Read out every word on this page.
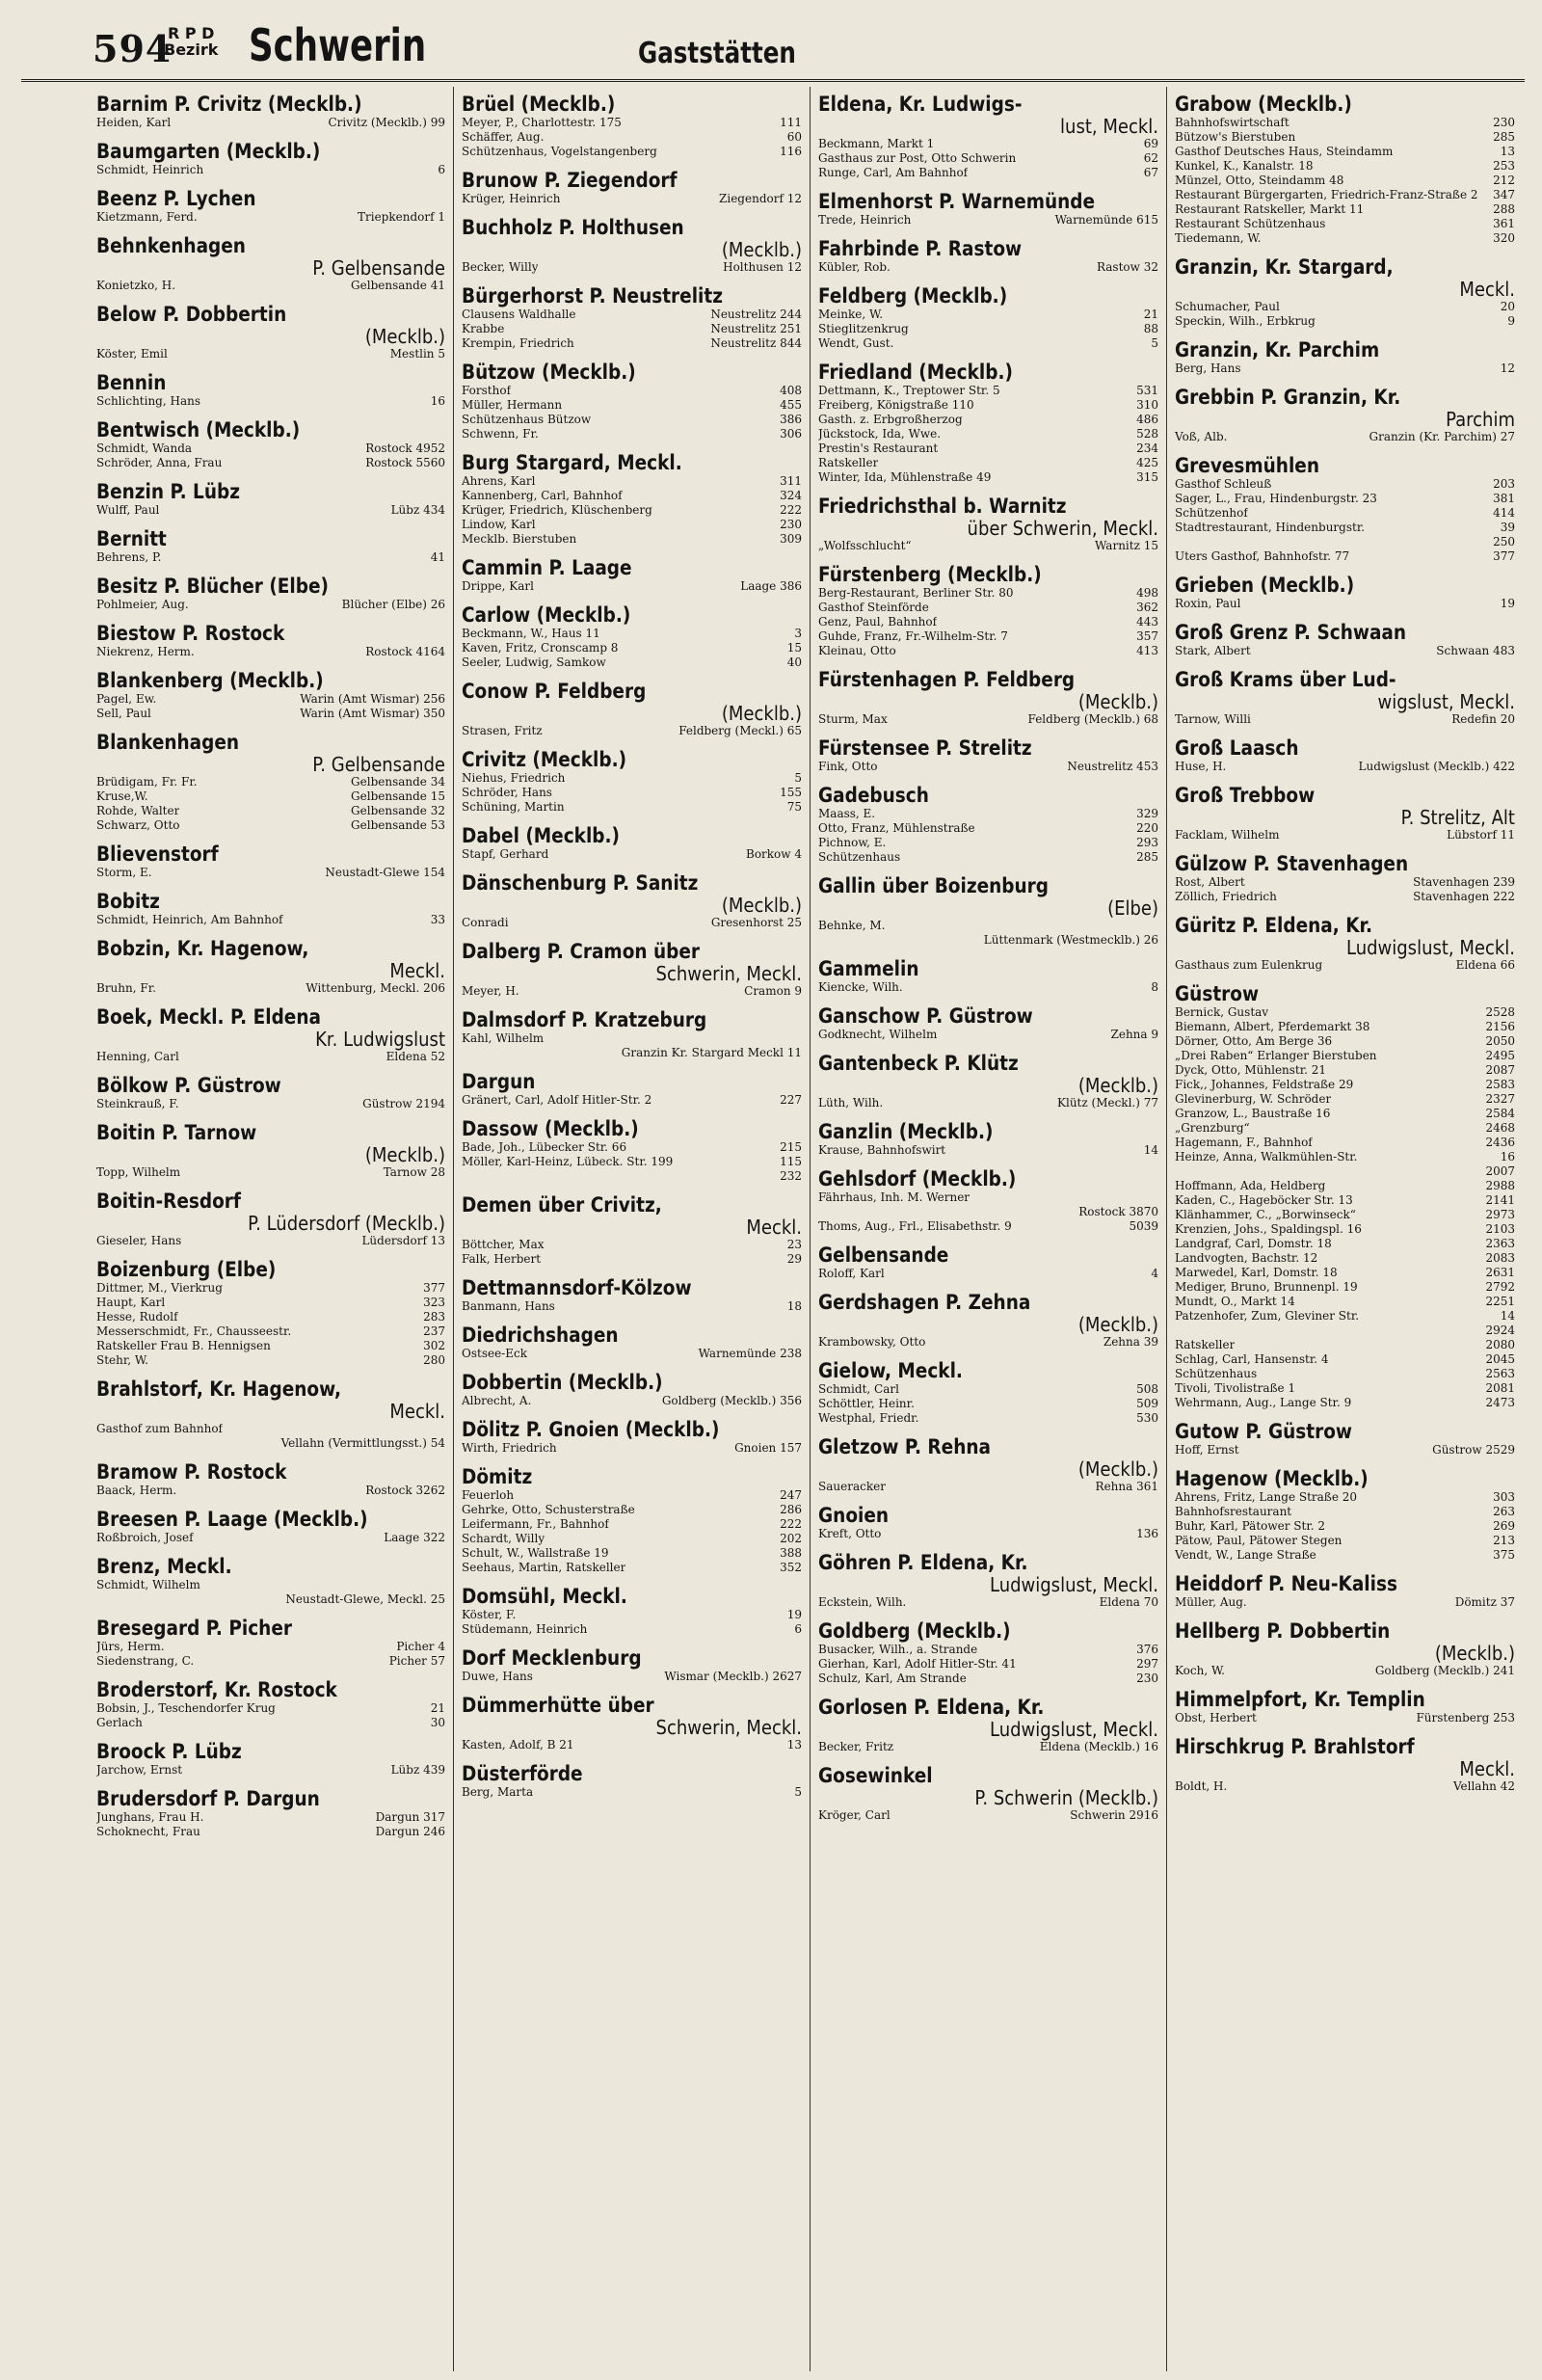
594
R P D
Bezirk Schwerin	Gaststätten
Barnim P. Crivitz (Mecklb.)
Heiden, Karl	Crivitz (Mecklb.) 99
Baumgarten (Mecklb.)
Schmidt, Heinrich	6
Beenz P. Lychen
Kietzmann, Ferd.	Triepkendorf 1
Behnkenhagen
P. Gelbensande
Konietzko, H.	Gelbensande 41
Below P. Dobbertin
(Mecklb.)
Köster, Emil	Mestlin 5
Bennin
Schlichting, Hans	16
Bentwisch (Mecklb.)
Schmidt, Wanda	Rostock 4952
Schröder, Anna, Frau	Rostock 5560
Benzin P. Lübz
Wulff, Paul	Lübz 434
Bernitt
Behrens, P.	41
Besitz P. Blücher (Elbe)
Pohlmeier, Aug.	Blücher (Elbe) 26
Biestow P. Rostock
Niekrenz, Herm.	Rostock 4164
Blankenberg (Mecklb.)
Pagel, Ew.	Warin (Amt Wismar) 256
Sell, Paul	Warin (Amt Wismar) 350
Blankenhagen
P. Gelbensande
Brüdigam, Fr. Fr.	Gelbensande 34
Kruse,W.	Gelbensande 15
Rohde, Walter	Gelbensande 32
Schwarz, Otto	Gelbensande 53
Blievenstorf
Storm, E.	Neustadt-Glewe 154
Bobitz
Schmidt, Heinrich, Am Bahnhof	33
Bobzin, Kr. Hagenow,
Meckl.
Bruhn, Fr.	Wittenburg, Meckl. 206
Boek, Meckl. P. Eldena
Kr. Ludwigslust
Henning, Carl	Eldena 52
Bölkow P. Güstrow
Steinkrauß, F.	Güstrow 2194
Boitin P. Tarnow
(Mecklb.)
Topp, Wilhelm	Tarnow 28
Boitin-Resdorf
P. Lüdersdorf (Mecklb.)
Gieseler, Hans	Lüdersdorf 13
Boizenburg (Elbe)
Dittmer, M., Vierkrug	377
Haupt, Karl	323
Hesse, Rudolf	283
Messerschmidt, Fr., Chausseestr.	237
Ratskeller Frau B. Hennigsen	302
Stehr, W.	280
Brahlstorf, Kr. Hagenow,
Meckl.
Gasthof zum Bahnhof
Vellahn (Vermittlungsst.) 54
Bramow P. Rostock
Baack, Herm.	Rostock 3262
Breesen P. Laage (Mecklb.)
Roßbroich, Josef	Laage 322
Brenz, Meckl.
Schmidt, Wilhelm
Neustadt-Glewe, Meckl. 25
Bresegard P. Picher
Jürs, Herm.	Picher 4
Siedenstrang, C.	Picher 57
Broderstorf, Kr. Rostock
Bobsin, J., Teschendorfer Krug	21
Gerlach	30
Broock P. Lübz
Jarchow, Ernst	Lübz 439
Brudersdorf P. Dargun
Junghans, Frau H.	Dargun 317
Schoknecht, Frau	Dargun 246
Brüel (Mecklb.)
Meyer, P., Charlottestr. 175	111
Schäffer, Aug.	60
Schützenhaus, Vogelstangenberg	116
Brunow P. Ziegendorf
Krüger, Heinrich	Ziegendorf 12
Buchholz P. Holthusen
(Mecklb.)
Becker, Willy	Holthusen 12
Bürgerhorst P. Neustrelitz
Clausens Waldhalle	Neustrelitz 244
Krabbe	Neustrelitz 251
Krempin, Friedrich	Neustrelitz 844
Bützow (Mecklb.)
Forsthof	408
Müller, Hermann	455
Schützenhaus Bützow	386
Schwenn, Fr.	306
Burg Stargard, Meckl.
Ahrens, Karl	311
Kannenberg, Carl, Bahnhof	324
Krüger, Friedrich, Klüschenberg	222
Lindow, Karl	230
Mecklb. Bierstuben	309
Cammin P. Laage
Drippe, Karl	Laage 386
Carlow (Mecklb.)
Beckmann, W., Haus 11	3
Kaven, Fritz, Cronscamp 8	15
Seeler, Ludwig, Samkow	40
Conow P. Feldberg
(Mecklb.)
Strasen, Fritz	Feldberg (Meckl.) 65
Crivitz (Mecklb.)
Niehus, Friedrich	5
Schröder, Hans	155
Schüning, Martin	75
Dabel (Mecklb.)
Stapf, Gerhard	Borkow 4
Dänschenburg P. Sanitz
(Mecklb.)
Conradi	Gresenhorst 25
Dalberg P. Cramon über
Schwerin, Meckl.
Meyer, H.	Cramon 9
Dalmsdorf P. Kratzeburg
Kahl, Wilhelm
Granzin Kr. Stargard Meckl 11
Dargun
Gränert, Carl, Adolf Hitler-Str. 2	227
Dassow (Mecklb.)
Bade, Joh., Lübecker Str. 66	215
Möller, Karl-Heinz, Lübeck. Str. 199	115
232
Demen über Crivitz,
Meckl.
Böttcher, Max	23
Falk, Herbert	29
Dettmannsdorf-Kölzow
Banmann, Hans	18
Diedrichshagen
Ostsee-Eck	Warnemünde 238
Dobbertin (Mecklb.)
Albrecht, A.	Goldberg (Mecklb.) 356
Dölitz P. Gnoien (Mecklb.)
Wirth, Friedrich	Gnoien 157
Dömitz
Feuerloh	247
Gehrke, Otto, Schusterstraße	286
Leifermann, Fr., Bahnhof	222
Schardt, Willy	202
Schult, W., Wallstraße 19	388
Seehaus, Martin, Ratskeller	352
Domsühl, Meckl.
Köster, F.	19
Stüdemann, Heinrich	6
Dorf Mecklenburg
Duwe, Hans	Wismar (Mecklb.) 2627
Dümmerhütte über
Schwerin, Meckl.
Kasten, Adolf, B 21	13
Düsterförde
Berg, Marta	5
Eldena, Kr. Ludwigs-
lust, Meckl.
Beckmann, Markt 1	69
Gasthaus zur Post, Otto Schwerin	62
Runge, Carl, Am Bahnhof	67
Elmenhorst P. Warnemünde
Trede, Heinrich	Warnemünde 615
Fahrbinde P. Rastow
Kübler, Rob.	Rastow 32
Feldberg (Mecklb.)
Meinke, W.	21
Stieglitzenkrug	88
Wendt, Gust.	5
Friedland (Mecklb.)
Dettmann, K., Treptower Str. 5	531
Freiberg, Königstraße 110	310
Gasth. z. Erbgroßherzog	486
Jückstock, Ida, Wwe.	528
Prestin's Restaurant	234
Ratskeller	425
Winter, Ida, Mühlenstraße 49	315
Friedrichsthal b. Warnitz
über Schwerin, Meckl.
„Wolfsschlucht“	Warnitz 15
Fürstenberg (Mecklb.)
Berg-Restaurant, Berliner Str. 80	498
Gasthof Steinförde	362
Genz, Paul, Bahnhof	443
Guhde, Franz, Fr.-Wilhelm-Str. 7	357
Kleinau, Otto	413
Fürstenhagen P. Feldberg
(Mecklb.)
Sturm, Max	Feldberg (Mecklb.) 68
Fürstensee P. Strelitz
Fink, Otto	Neustrelitz 453
Gadebusch
Maass, E.	329
Otto, Franz, Mühlenstraße	220
Pichnow, E.	293
Schützenhaus	285
Gallin über Boizenburg
(Elbe)
Behnke, M.
Lüttenmark (Westmecklb.) 26
Gammelin
Kiencke, Wilh.	8
Ganschow P. Güstrow
Godknecht, Wilhelm	Zehna 9
Gantenbeck P. Klütz
(Mecklb.)
Lüth, Wilh.	Klütz (Meckl.) 77
Ganzlin (Mecklb.)
Krause, Bahnhofswirt	14
Gehlsdorf (Mecklb.)
Fährhaus, Inh. M. Werner
Rostock 3870
Thoms, Aug., Frl., Elisabethstr. 9	5039
Gelbensande
Roloff, Karl	4
Gerdshagen P. Zehna
(Mecklb.)
Krambowsky, Otto	Zehna 39
Gielow, Meckl.
Schmidt, Carl	508
Schöttler, Heinr.	509
Westphal, Friedr.	530
Gletzow P. Rehna
(Mecklb.)
Saueracker	Rehna 361
Gnoien
Kreft, Otto	136
Göhren P. Eldena, Kr.
Ludwigslust, Meckl.
Eckstein, Wilh.	Eldena 70
Goldberg (Mecklb.)
Busacker, Wilh., a. Strande	376
Gierhan, Karl, Adolf Hitler-Str. 41	297
Schulz, Karl, Am Strande	230
Gorlosen P. Eldena, Kr.
Ludwigslust, Meckl.
Becker, Fritz	Eldena (Mecklb.) 16
Gosewinkel
P. Schwerin (Mecklb.)
Kröger, Carl	Schwerin 2916
Grabow (Mecklb.)
Bahnhofswirtschaft	230
Bützow's Bierstuben	285
Gasthof Deutsches Haus, Steindamm	13
Kunkel, K., Kanalstr. 18	253
Münzel, Otto, Steindamm 48	212
Restaurant Bürgergarten, Friedrich-Franz-Straße 2 347
Restaurant Ratskeller, Markt 11	288
Restaurant Schützenhaus	361
Tiedemann, W.	320
Granzin, Kr. Stargard,
Meckl.
Schumacher, Paul	20
Speckin, Wilh., Erbkrug	9
Granzin, Kr. Parchim
Berg, Hans	12
Grebbin P. Granzin, Kr.
Parchim
Voß, Alb.	Granzin (Kr. Parchim) 27
Grevesmühlen
Gasthof Schleuß	203
Sager, L., Frau, Hindenburgstr. 23	381
Schützenhof	414
Stadtrestaurant, Hindenburgstr.	39
250
Uters Gasthof, Bahnhofstr. 77	377
Grieben (Mecklb.)
Roxin, Paul	19
Groß Grenz P. Schwaan
Stark, Albert	Schwaan 483
Groß Krams über Lud-
wigslust, Meckl.
Tarnow, Willi	Redefin 20
Groß Laasch
Huse, H.	Ludwigslust (Mecklb.) 422
Groß Trebbow
P. Strelitz, Alt
Facklam, Wilhelm	Lübstorf 11
Gülzow P. Stavenhagen
Rost, Albert	Stavenhagen 239
Zöllich, Friedrich	Stavenhagen 222
Güritz P. Eldena, Kr.
Ludwigslust, Meckl.
Gasthaus zum Eulenkrug	Eldena 66
Güstrow
Bernick, Gustav	2528
Biemann, Albert, Pferdemarkt 38	2156
Dörner, Otto, Am Berge 36	2050
„Drei Raben“ Erlanger Bierstuben	2495
Dyck, Otto, Mühlenstr. 21	2087
Fick,, Johannes, Feldstraße 29	2583
Glevinerburg, W. Schröder	2327
Granzow, L., Baustraße 16	2584
„Grenzburg“	2468
Hagemann, F., Bahnhof	2436
Heinze, Anna, Walkmühlen-Str.	16
2007
Hoffmann, Ada, Heldberg	2988
Kaden, C., Hageböcker Str. 13	2141
Klänhammer, C., „Borwinseck“	2973
Krenzien, Johs., Spaldingspl. 16	2103
Landgraf, Carl, Domstr. 18	2363
Landvogten, Bachstr. 12	2083
Marwedel, Karl, Domstr. 18	2631
Mediger, Bruno, Brunnenpl. 19	2792
Mundt, O., Markt 14	2251
Patzenhofer, Zum, Gleviner Str.	14
2924
Ratskeller	2080
Schlag, Carl, Hansenstr. 4	2045
Schützenhaus	2563
Tivoli, Tivolistraße 1	2081
Wehrmann, Aug., Lange Str. 9	2473
Gutow P. Güstrow
Hoff, Ernst	Güstrow 2529
Hagenow (Mecklb.)
Ahrens, Fritz, Lange Straße 20	303
Bahnhofsrestaurant	263
Buhr, Karl, Pätower Str. 2	269
Pätow, Paul, Pätower Stegen	213
Vendt, W., Lange Straße	375
Heiddorf P. Neu-Kaliss
Müller, Aug.	Dömitz 37
Hellberg P. Dobbertin
(Mecklb.)
Koch, W.	Goldberg (Mecklb.) 241
Himmelpfort, Kr. Templin
Obst, Herbert	Fürstenberg 253
Hirschkrug P. Brahlstorf
Meckl.
Boldt, H.	Vellahn 42
